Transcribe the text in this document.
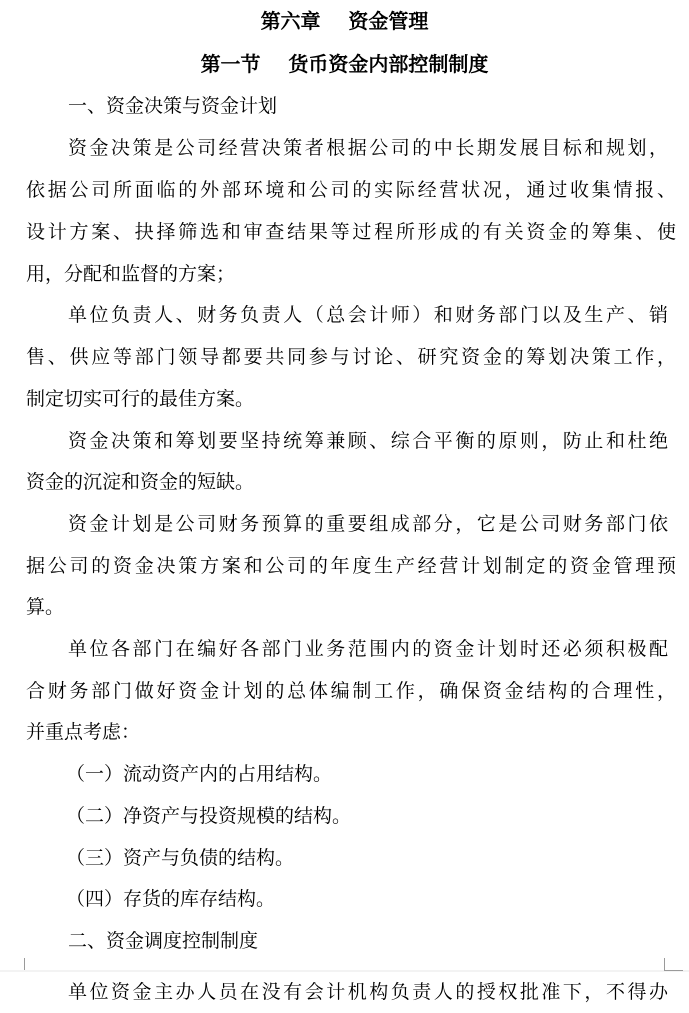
第六章    资金管理
第一节    货币资金内部控制制度
一、资金决策与资金计划
资金决策是公司经营决策者根据公司的中长期发展目标和规划，
依据公司所面临的外部环境和公司的实际经营状况，通过收集情报、
设计方案、抉择筛选和审查结果等过程所形成的有关资金的筹集、使
用，分配和监督的方案；
单位负责人、财务负责人（总会计师）和财务部门以及生产、销
售、供应等部门领导都要共同参与讨论、研究资金的筹划决策工作，
制定切实可行的最佳方案。
资金决策和筹划要坚持统筹兼顾、综合平衡的原则，防止和杜绝
资金的沉淀和资金的短缺。
资金计划是公司财务预算的重要组成部分，它是公司财务部门依
据公司的资金决策方案和公司的年度生产经营计划制定的资金管理预
算。
单位各部门在编好各部门业务范围内的资金计划时还必须积极配
合财务部门做好资金计划的总体编制工作，确保资金结构的合理性，
并重点考虑：
（一）流动资产内的占用结构。
（二）净资产与投资规模的结构。
（三）资产与负债的结构。
（四）存货的库存结构。
二、资金调度控制制度
单位资金主办人员在没有会计机构负责人的授权批准下，不得办
